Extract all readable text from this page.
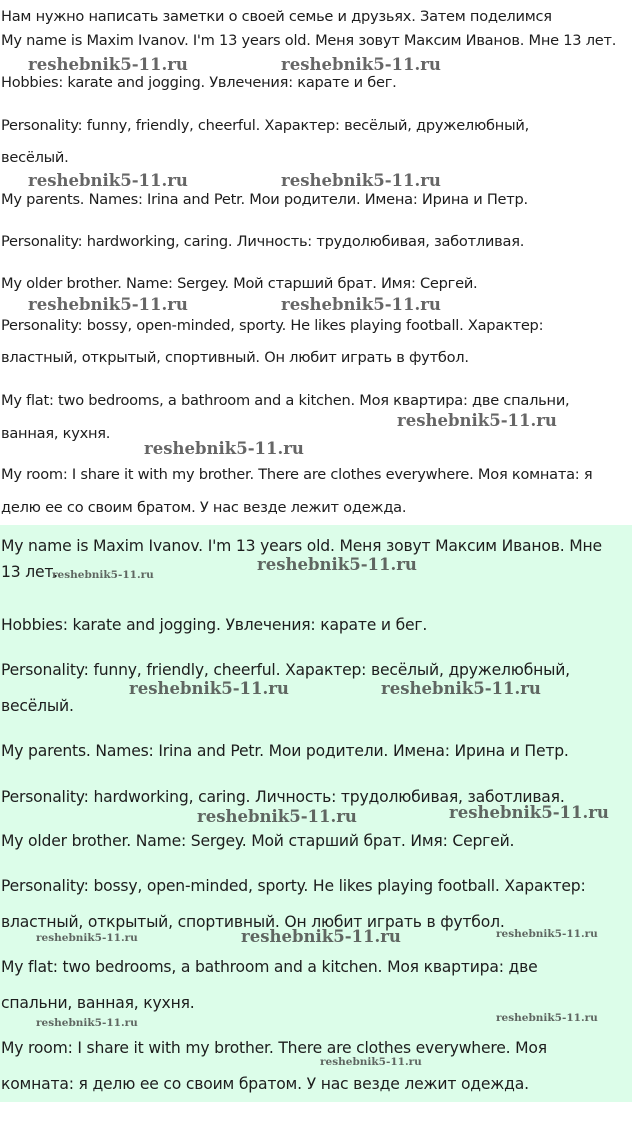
Нам нужно написать заметки о своей семье и друзьях. Затем поделимся
My name is Maxim Ivanov. I'm 13 years old. Меня зовут Максим Иванов. Мне 13 лет.
Hobbies: karate and jogging. Увлечения: карате и бег.
Personality: funny, friendly, cheerful. Характер: весёлый, дружелюбный,
весёлый.
My parents. Names: Irina and Petr. Мои родители. Имена: Ирина и Петр.
Personality: hardworking, caring. Личность: трудолюбивая, заботливая.
My older brother. Name: Sergey. Мой старший брат. Имя: Сергей.
Personality: bossy, open-minded, sporty. He likes playing football. Характер:
властный, открытый, спортивный. Он любит играть в футбол.
My flat: two bedrooms, a bathroom and a kitchen. Моя квартира: две спальни,
ванная, кухня.
My room: I share it with my brother. There are clothes everywhere. Моя комната: я
делю ее со своим братом. У нас везде лежит одежда.
reshebnik5-11.ru	reshebnik5-11.ru
reshebnik5-11.ru	reshebnik5-11.ru
reshebnik5-11.ru	reshebnik5-11.ru
reshebnik5-11.ru
reshebnik5-11.ru
My name is Maxim Ivanov. I'm 13 years old. Меня зовут Максим Иванов. Мне
13 лет.
Hobbies: karate and jogging. Увлечения: карате и бег.
Personality: funny, friendly, cheerful. Характер: весёлый, дружелюбный,
весёлый.
My parents. Names: Irina and Petr. Мои родители. Имена: Ирина и Петр.
Personality: hardworking, caring. Личность: трудолюбивая, заботливая.
My older brother. Name: Sergey. Мой старший брат. Имя: Сергей.
Personality: bossy, open-minded, sporty. He likes playing football. Характер:
властный, открытый, спортивный. Он любит играть в футбол.
My flat: two bedrooms, a bathroom and a kitchen. Моя квартира: две
спальни, ванная, кухня.
My room: I share it with my brother. There are clothes everywhere. Моя
комната: я делю ее со своим братом. У нас везде лежит одежда.
reshebnik5-11.ru
reshebnik5-11.ru
reshebnik5-11.ru	reshebnik5-11.ru
reshebnik5-11.ru
reshebnik5-11.ru
reshebnik5-11.ru	reshebnik5-11.ru	reshebnik5-11.ru
reshebnik5-11.ru	reshebnik5-11.ru
reshebnik5-11.ru
